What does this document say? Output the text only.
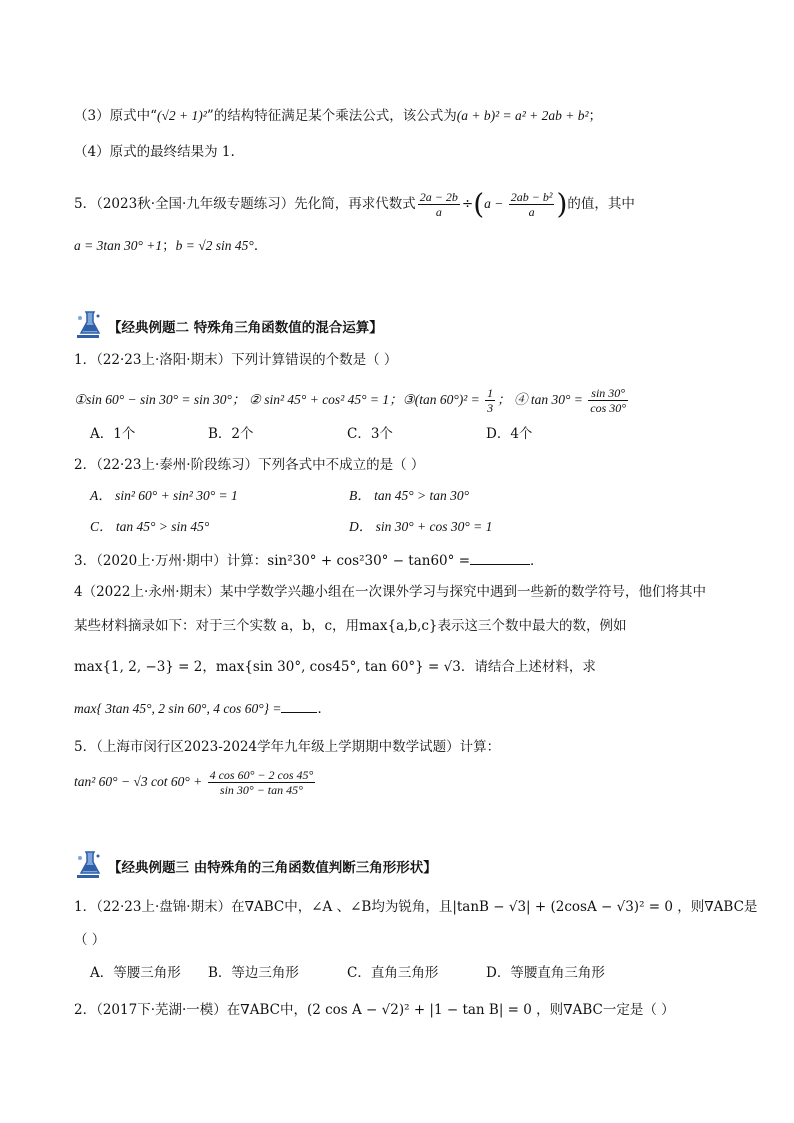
（3）原式中“(√2 + 1)²”的结构特征满足某个乘法公式，该公式为(a + b)² = a² + 2ab + b²；
（4）原式的最终结果为 1.
5．（2023秋·全国·九年级专题练习）先化简，再求代数式 $\frac{2a - 2b}{a} \div(a - \frac{\text{2ab − b²}}{a}$ )的值，其中
a = 3tan 30° +1；b = √2 sin 45°．
【经典例题二 特殊角三角函数值的混合运算】
1．（22·23上·洛阳·期末）下列计算错误的个数是（ ）
①sin 60° − sin 30° = sin 30°； ② sin² 45° + cos² 45° = 1；③(tan $60^\circ)^2 = \frac{1}{3}$ ； ④ $\tan 30^\circ = \frac{\sin 30^\circ}{\cos 30^\circ}$
A．1个	B．2个	C．3个	D．4个
2．（22·23上·泰州·阶段练习）下列各式中不成立的是（ ）
A． sin² 60° + sin² 30° = 1	B． tan 45° > tan 30°
C． tan 45° > sin 45°	D． sin 30° + cos 30° = 1
3．（2020上·万州·期中）计算：sin²30° + cos²30° − tan60° =	．
4（2022上·永州·期末）某中学数学兴趣小组在一次课外学习与探究中遇到一些新的数学符号，他们将其中
某些材料摘录如下：对于三个实数 a，b，c，用max{a,b,c}表示这三个数中最大的数，例如
max{1, 2, −3} = 2，max{sin 30°, cos45°, tan 60°} = √3．请结合上述材料，求
max{ 3tan 45°, 2 sin 60°, 4 cos 60°} =	．
5．（上海市闵行区2023-2024学年九年级上学期期中数学试题）计算：
tan² 60° − √3 $\cot 60^\circ + \frac{4 \cos 60^\circ - 2 \cos 45^\circ}{\sin 30^\circ - \tan 45^\circ}$
【经典例题三 由特殊角的三角函数值判断三角形形状】
1．（22·23上·盘锦·期末）在∇ABC中，∠A 、∠B均为锐角，且|tanB − √3| + (2cosA − √3)² = 0 ，则∇ABC是
（ ）
A．等腰三角形 B．等边三角形	C．直角三角形	D．等腰直角三角形
2．（2017下·芜湖·一模）在∇ABC中，(2 cos A − √2)² + |1 − tan B| = 0 ，则∇ABC一定是（ ）
